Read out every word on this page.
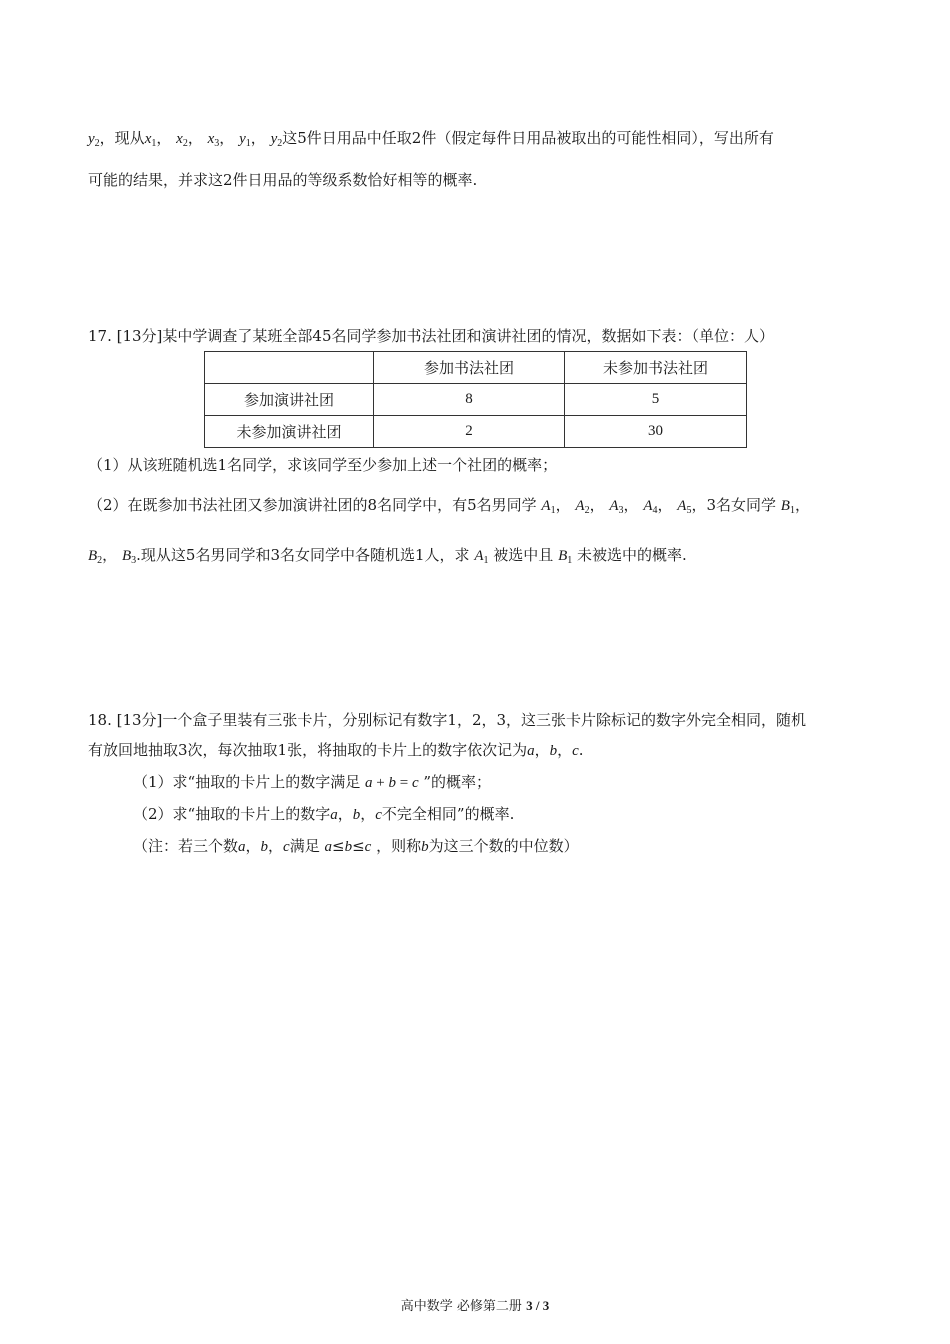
$y_2$，现从$x_1$， $x_2$， $x_3$， $y_1$， $y_2$这5件日用品中任取2件（假定每件日用品被取出的可能性相同），写出所有
可能的结果，并求这2件日用品的等级系数恰好相等的概率.
17. [13分]某中学调查了某班全部45名同学参加书法社团和演讲社团的情况，数据如下表：（单位：人）
	参加书法社团	未参加书法社团
参加演讲社团	8	5
未参加演讲社团	2	30
（1）从该班随机选1名同学，求该同学至少参加上述一个社团的概率；
（2）在既参加书法社团又参加演讲社团的8名同学中，有5名男同学 $A_1$， $A_2$， $A_3$， $A_4$， $A_5$，3名女同学 $B_1$，
$B_2$， $B_3$.现从这5名男同学和3名女同学中各随机选1人，求 $A_1$ 被选中且 $B_1$ 未被选中的概率.
18. [13分]一个盒子里装有三张卡片，分别标记有数字1，2，3，这三张卡片除标记的数字外完全相同，随机
有放回地抽取3次，每次抽取1张，将抽取的卡片上的数字依次记为a，b，c.
（1）求“抽取的卡片上的数字满足 a + b = c ”的概率；
（2）求“抽取的卡片上的数字a，b，c不完全相同”的概率.
（注：若三个数a，b，c满足 a≤b≤c ，则称b为这三个数的中位数）
高中数学 必修第二册 3 / 3
